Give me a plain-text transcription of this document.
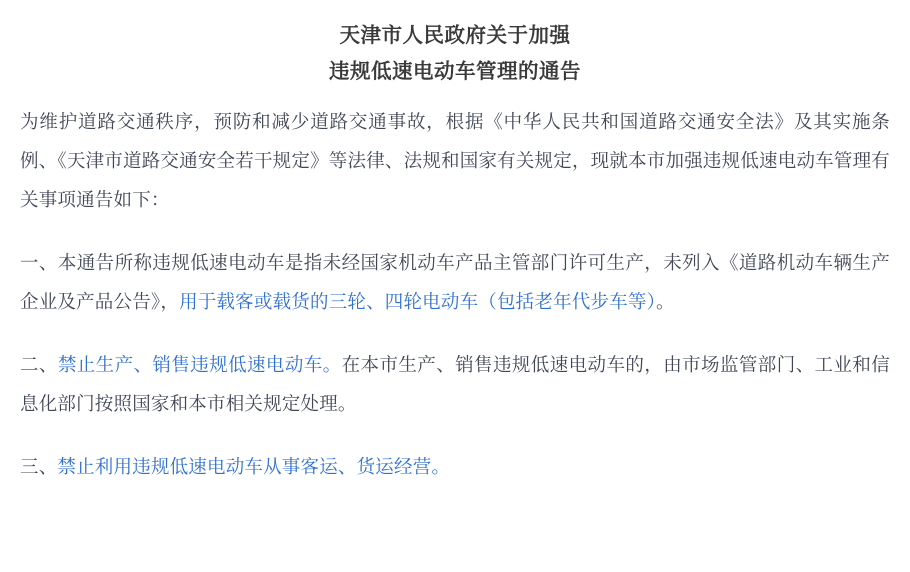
天津市人民政府关于加强
违规低速电动车管理的通告

为维护道路交通秩序，预防和减少道路交通事故，根据《中华人民共和国道路交通安全法》及其实施条例、《天津市道路交通安全若干规定》等法律、法规和国家有关规定，现就本市加强违规低速电动车管理有关事项通告如下：

一、本通告所称违规低速电动车是指未经国家机动车产品主管部门许可生产，未列入《道路机动车辆生产企业及产品公告》，用于载客或载货的三轮、四轮电动车（包括老年代步车等）。

二、禁止生产、销售违规低速电动车。在本市生产、销售违规低速电动车的，由市场监管部门、工业和信息化部门按照国家和本市相关规定处理。

三、禁止利用违规低速电动车从事客运、货运经营。
